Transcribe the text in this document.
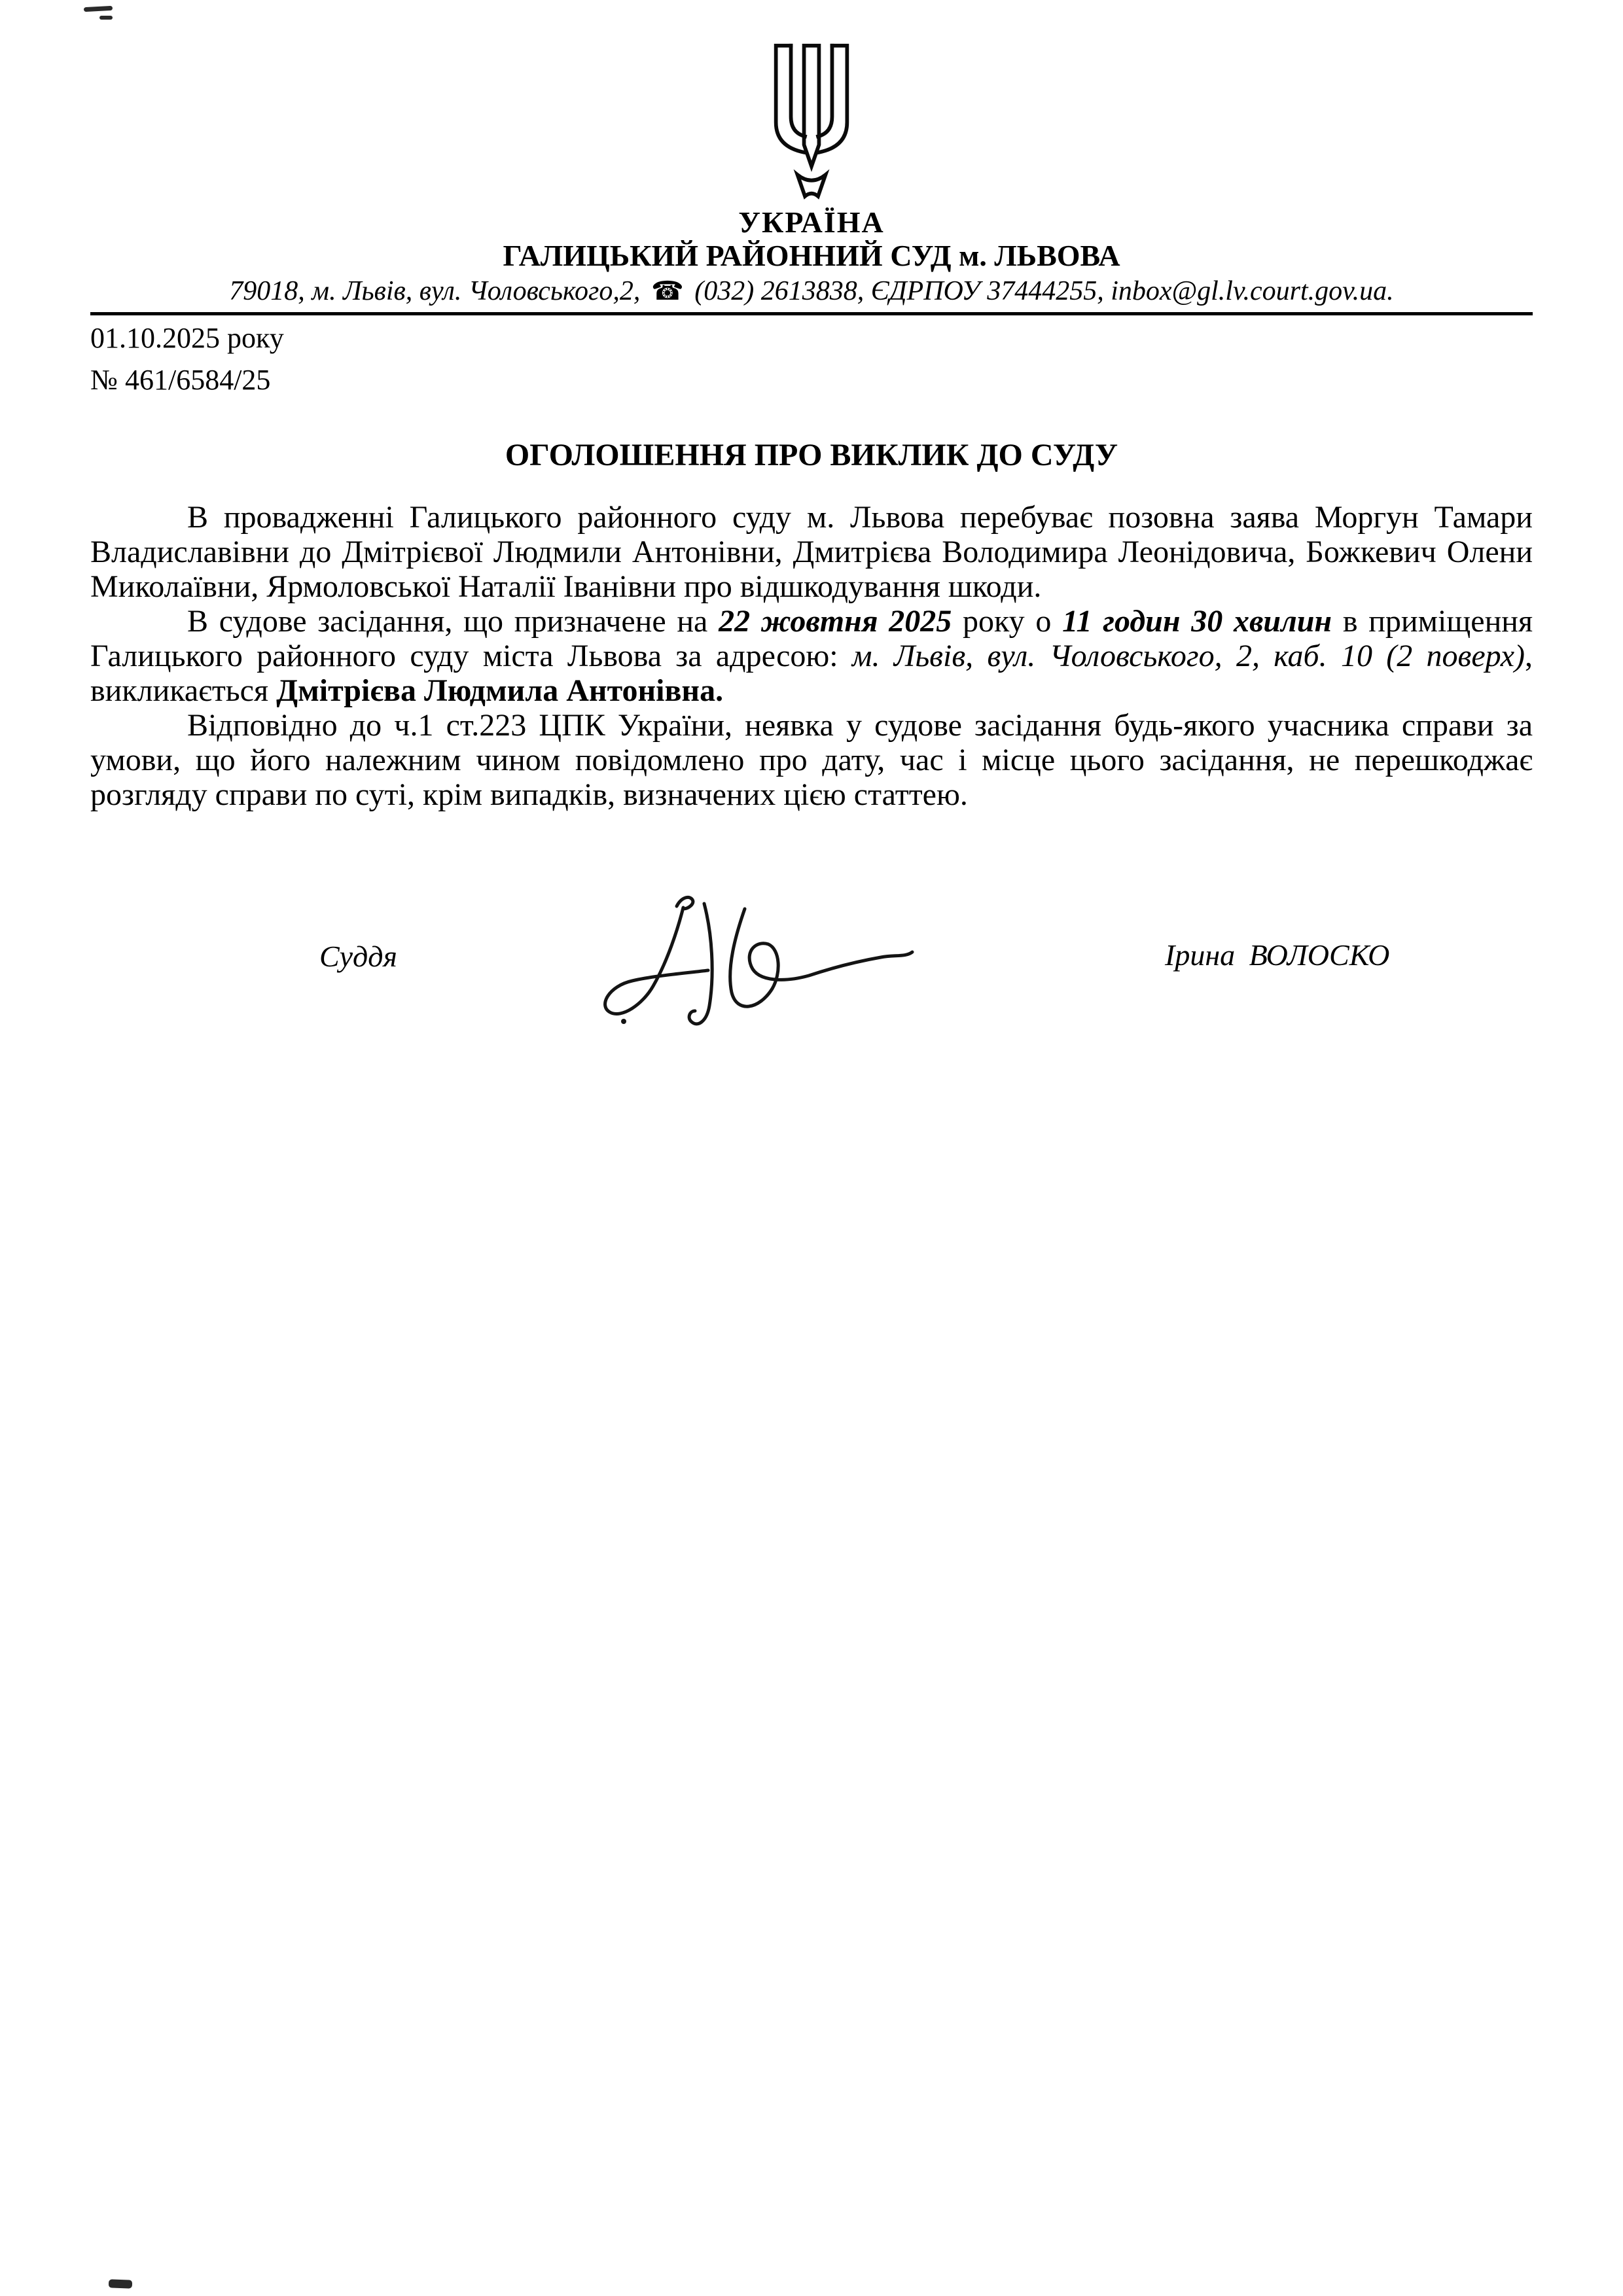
УКРАЇНА
ГАЛИЦЬКИЙ РАЙОННИЙ СУД м. ЛЬВОВА
79018, м. Львів, вул. Чоловського,2, ☎ (032) 2613838, ЄДРПОУ 37444255, inbox@gl.lv.court.gov.ua.
01.10.2025 року
№ 461/6584/25
ОГОЛОШЕННЯ ПРО ВИКЛИК ДО СУДУ

В провадженні Галицького районного суду м. Львова перебуває позовна заява Моргун Тамари Владиславівни до Дмітрієвої Людмили Антонівни, Дмитрієва Володимира Леонідовича, Божкевич Олени Миколаївни, Ярмоловської Наталії Іванівни про відшкодування шкоди.

В судове засідання, що призначене на 22 жовтня 2025 року о 11 годин 30 хвилин в приміщення Галицького районного суду міста Львова за адресою: м. Львів, вул. Чоловського, 2, каб. 10 (2 поверх), викликається Дмітрієва Людмила Антонівна.

Відповідно до ч.1 ст.223 ЦПК України, неявка у судове засідання будь-якого учасника справи за умови, що його належним чином повідомлено про дату, час і місце цього засідання, не перешкоджає розгляду справи по суті, крім випадків, визначених цією статтею.

Суддя	Ірина ВОЛОСКО
